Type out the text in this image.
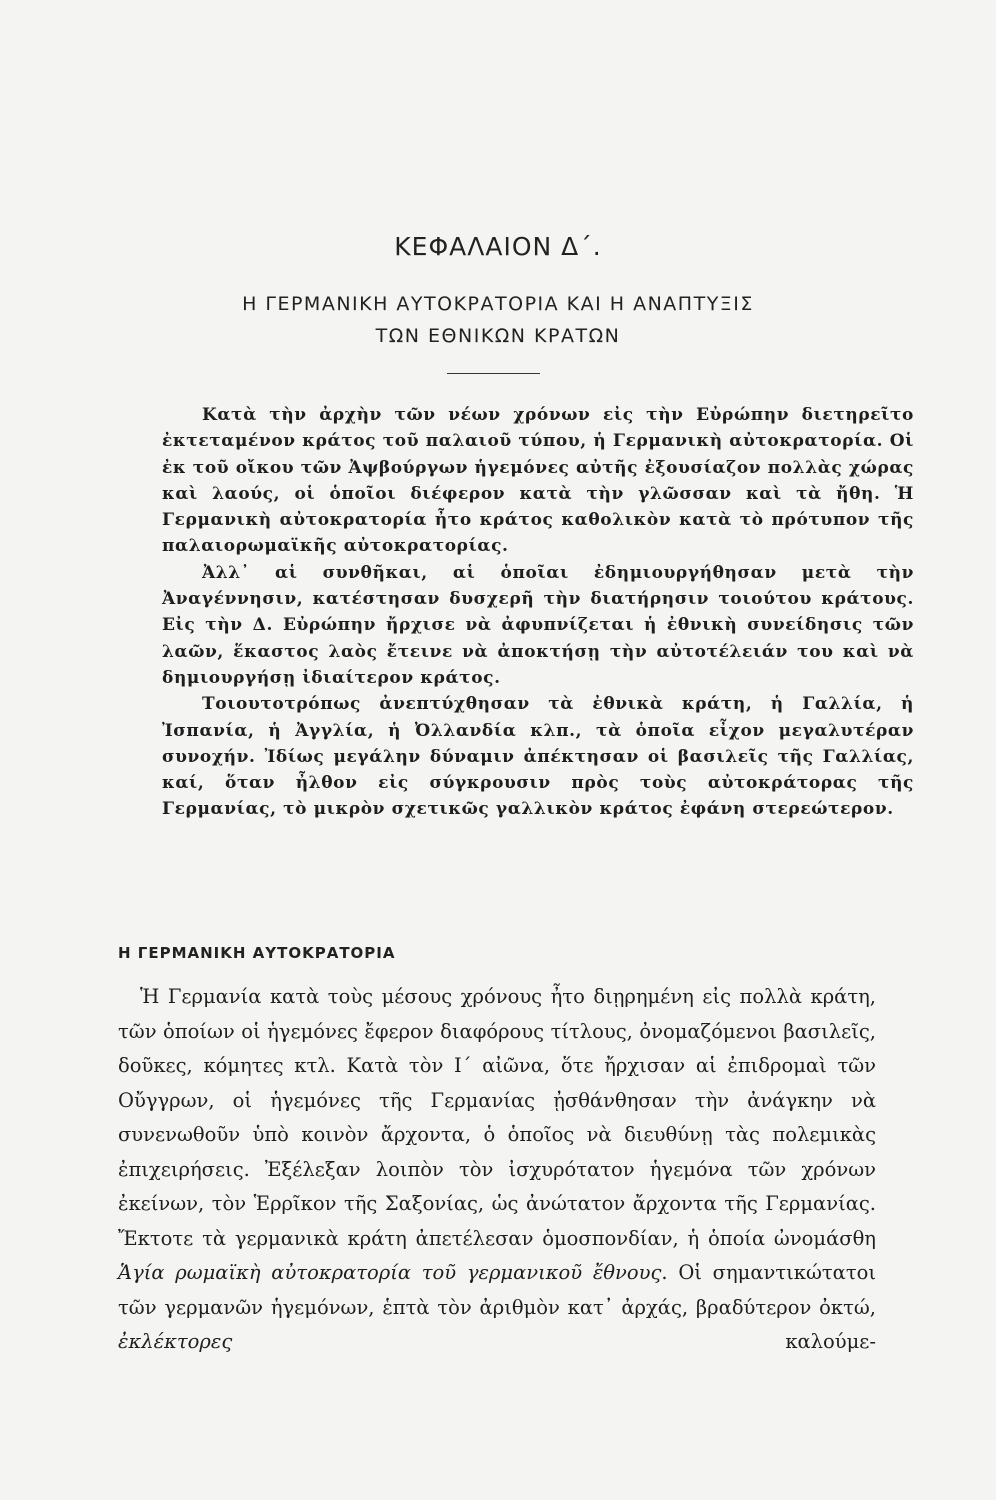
ΚΕΦΑΛΑΙΟΝ Δ΄.
Η ΓΕΡΜΑΝΙΚΗ ΑΥΤΟΚΡΑΤΟΡΙΑ ΚΑΙ Η ΑΝΑΠΤΥΞΙΣ
ΤΩΝ ΕΘΝΙΚΩΝ ΚΡΑΤΩΝ

Κατὰ τὴν ἀρχὴν τῶν νέων χρόνων εἰς τὴν Εὐρώπην διετηρεῖτο ἐκτεταμένον κράτος τοῦ παλαιοῦ τύπου, ἡ Γερμανικὴ αὐτοκρατορία. Οἱ ἐκ τοῦ οἴκου τῶν Ἀψβούργων ἡγεμόνες αὐτῆς ἐξουσίαζον πολλὰς χώρας καὶ λαούς, οἱ ὁποῖοι διέφερον κατὰ τὴν γλῶσσαν καὶ τὰ ἤθη. Ἡ Γερμανικὴ αὐτοκρατορία ἦτο κράτος καθολικὸν κατὰ τὸ πρότυπον τῆς παλαιορωμαϊκῆς αὐτοκρατορίας.

Ἀλλ᾿ αἱ συνθῆκαι, αἱ ὁποῖαι ἐδημιουργήθησαν μετὰ τὴν Ἀναγέννησιν, κατέστησαν δυσχερῆ τὴν διατήρησιν τοιούτου κράτους. Εἰς τὴν Δ. Εὐρώπην ἤρχισε νὰ ἀφυπνίζεται ἡ ἐθνικὴ συνείδησις τῶν λαῶν, ἕκαστος λαὸς ἔτεινε νὰ ἀποκτήσῃ τὴν αὐτοτέλειάν του καὶ νὰ δημιουργήσῃ ἰδιαίτερον κράτος.

Τοιουτοτρόπως ἀνεπτύχθησαν τὰ ἐθνικὰ κράτη, ἡ Γαλλία, ἡ Ἰσπανία, ἡ Ἀγγλία, ἡ Ὀλλανδία κλπ., τὰ ὁποῖα εἶχον μεγαλυτέραν συνοχήν. Ἰδίως μεγάλην δύναμιν ἀπέκτησαν οἱ βασιλεῖς τῆς Γαλλίας, καί, ὅταν ἦλθον εἰς σύγκρουσιν πρὸς τοὺς αὐτοκράτορας τῆς Γερμανίας, τὸ μικρὸν σχετικῶς γαλλικὸν κράτος ἐφάνη στερεώτερον.

Η ΓΕΡΜΑΝΙΚΗ ΑΥΤΟΚΡΑΤΟΡΙΑ

Ἡ Γερμανία κατὰ τοὺς μέσους χρόνους ἦτο διῃρημένη εἰς πολλὰ κράτη, τῶν ὁποίων οἱ ἡγεμόνες ἔφερον διαφόρους τίτλους, ὀνομαζόμενοι βασιλεῖς, δοῦκες, κόμητες κτλ. Κατὰ τὸν Ι΄ αἰῶνα, ὅτε ἤρχισαν αἱ ἐπιδρομαὶ τῶν Οὔγγρων, οἱ ἡγεμόνες τῆς Γερμανίας ᾐσθάνθησαν τὴν ἀνάγκην νὰ συνενωθοῦν ὑπὸ κοινὸν ἄρχοντα, ὁ ὁποῖος νὰ διευθύνῃ τὰς πολεμικὰς ἐπιχειρήσεις. Ἐξέλεξαν λοιπὸν τὸν ἰσχυρότατον ἡγεμόνα τῶν χρόνων ἐκείνων, τὸν Ἑρρῖκον τῆς Σαξονίας, ὡς ἀνώτατον ἄρχοντα τῆς Γερμανίας. Ἔκτοτε τὰ γερμανικὰ κράτη ἀπετέλεσαν ὁμοσπονδίαν, ἡ ὁποία ὠνομάσθη Ἁγία ρωμαϊκὴ αὐτοκρατορία τοῦ γερμανικοῦ ἔθνους. Οἱ σημαντικώτατοι τῶν γερμανῶν ἡγεμόνων, ἑπτὰ τὸν ἀριθμὸν κατ᾿ ἀρχάς, βραδύτερον ὀκτώ, ἐκλέκτορες καλούμε-
